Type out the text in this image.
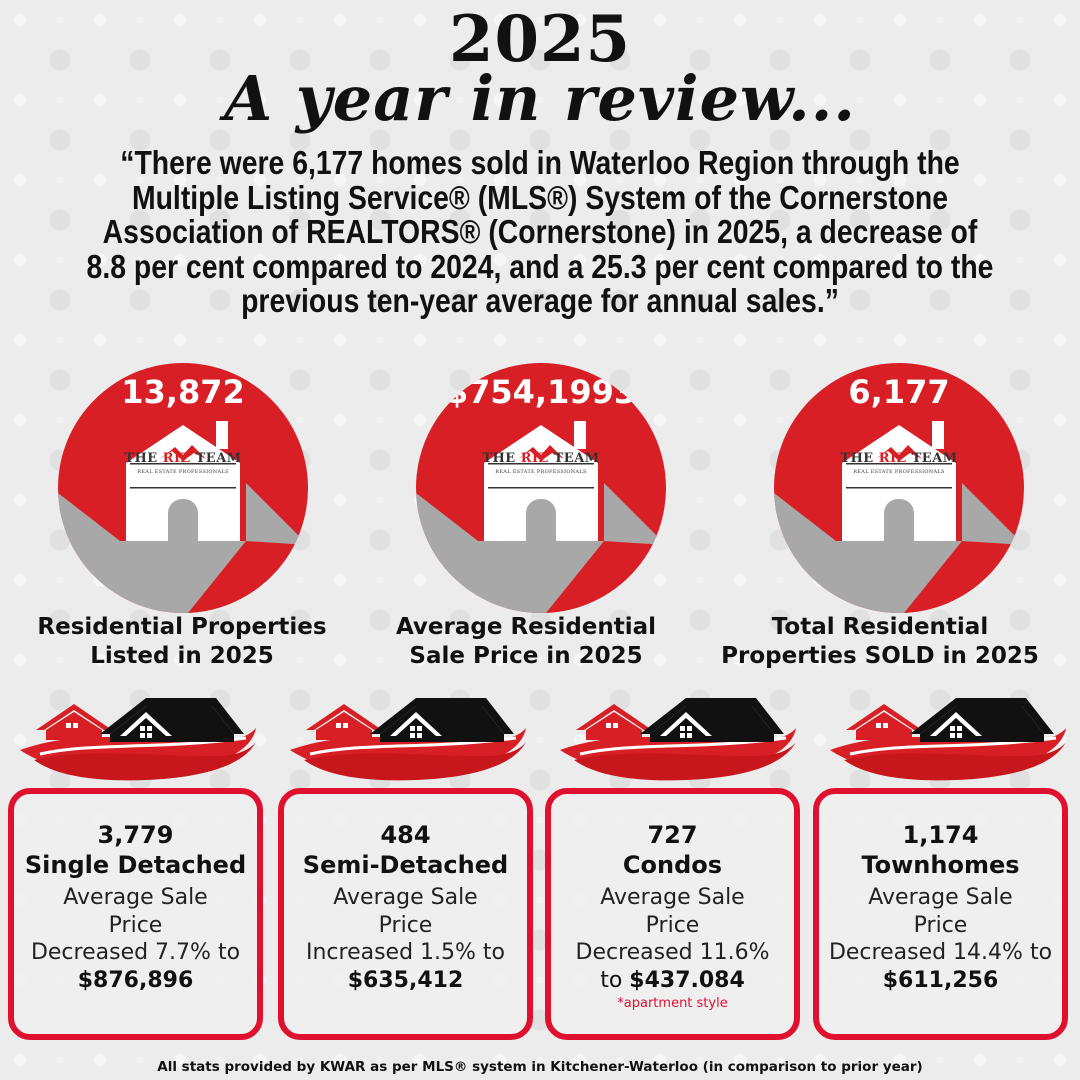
2025
A year in review...
“There were 6,177 homes sold in Waterloo Region through the Multiple Listing Service® (MLS®) System of the Cornerstone Association of REALTORS® (Cornerstone) in 2025, a decrease of 8.8 per cent compared to 2024, and a 25.3 per cent compared to the previous ten-year average for annual sales.”
13,872
THE RIZ TEAM
REAL ESTATE PROFESSIONALS
Residential Properties
Listed in 2025
$754,1993
THE RIZ TEAM
REAL ESTATE PROFESSIONALS
Average Residential
Sale Price in 2025
6,177
THE RIZ TEAM
REAL ESTATE PROFESSIONALS
Total Residential
Properties SOLD in 2025
3,779
Single Detached
Average Sale
Price
Decreased 7.7% to
$876,896
484
Semi-Detached
Average Sale
Price
Increased 1.5% to
$635,412
727
Condos
Average Sale
Price
Decreased 11.6%
to $437.084
*apartment style
1,174
Townhomes
Average Sale
Price
Decreased 14.4% to
$611,256
All stats provided by KWAR as per MLS® system in Kitchener-Waterloo (in comparison to prior year)
